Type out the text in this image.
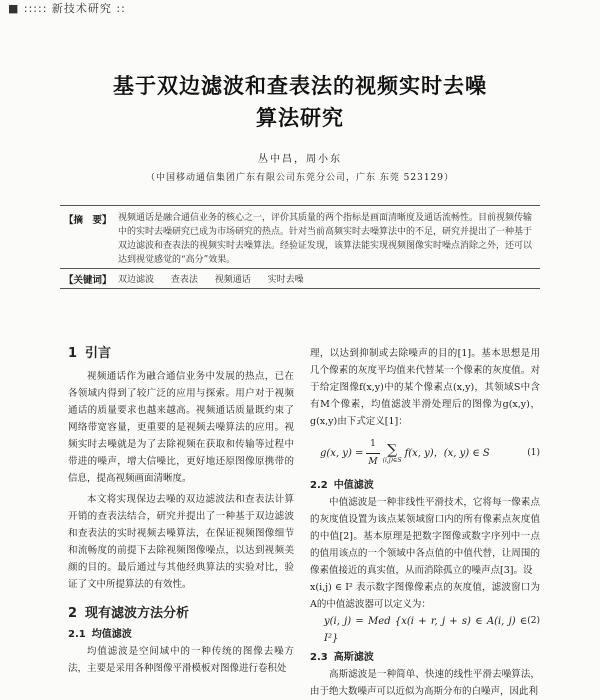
■ ::::: 新技术研究 ::
基于双边滤波和查表法的视频实时去噪
算法研究
丛中昌，周小东
（中国移动通信集团广东有限公司东莞分公司，广东 东莞 523129）
【摘　要】 视频通话是融合通信业务的核心之一，评价其质量的两个指标是画面清晰度及通话流畅性。目前视频传输中的实时去噪研究已成为市场研究的热点。针对当前高频实时去噪算法中的不足，研究并提出了一种基于双边滤波和查表法的视频实时去噪算法。经验证发现，该算法能实现视频图像实时噪点消除之外，还可以达到视觉感觉的“高分”效果。
【关键词】 双边滤波 查表法 视频通话 实时去噪
1 引言

视频通话作为融合通信业务中发展的热点，已在各领域内得到了较广泛的应用与探索。用户对于视频通话的质量要求也越来越高。视频通话质量既约束了网络带宽容量，更重要的是视频去噪算法的应用。视频实时去噪就是为了去除视频在获取和传输等过程中带进的噪声，增大信噪比，更好地还原图像原携带的信息，提高视频画面清晰度。

本文将实现保边去噪的双边滤波法和查表法计算开销的查表法结合，研究并提出了一种基于双边滤波和查表法的实时视频去噪算法，在保证视频图像细节和流畅度的前提下去除视频图像噪点，以达到视频美颜的目的。最后通过与其他经典算法的实验对比，验证了文中所提算法的有效性。

2 现有滤波方法分析
2.1 均值滤波

均值滤波是空间域中的一种传统的图像去噪方法，主要是采用各种图像平滑模板对图像进行卷积处

理，以达到抑制或去除噪声的目的[1]。基本思想是用几个像素的灰度平均值来代替某一个像素的灰度值。对于给定图像f(x,y)中的某个像素点(x,y)，其领域S中含有M个像素，均值滤波半滑处理后的图像为g(x,y)，g(x,y)由下式定义[1]：

g(x, $y) = \frac{1}{M}$ ∑
(i,j)∈S
f(x, y)，(x, y) ∈ S	(1)
2.2 中值滤波

中值滤波是一种非线性平滑技术，它将每一像素点的灰度值设置为该点某领域窗口内的所有像素点灰度值的中值[2]。基本原理是把数字图像或数字序列中一点的值用该点的一个领域中各点值的中值代替，让周围的像素值接近的真实值，从而消除孤立的噪声点[3]。设

x(i,j) ∈ I² 表示数字图像像素点的灰度值，滤波窗口为A的中值滤波器可以定义为：

y(i, j) = Med {x(i + r, j + s) ∈ A(i, j) ∈ I²}
(2)
2.3 高斯滤波

高斯滤波是一种简单、快速的线性平滑去噪算法，由于绝大数噪声可以近似为高斯分布的白噪声，因此利
